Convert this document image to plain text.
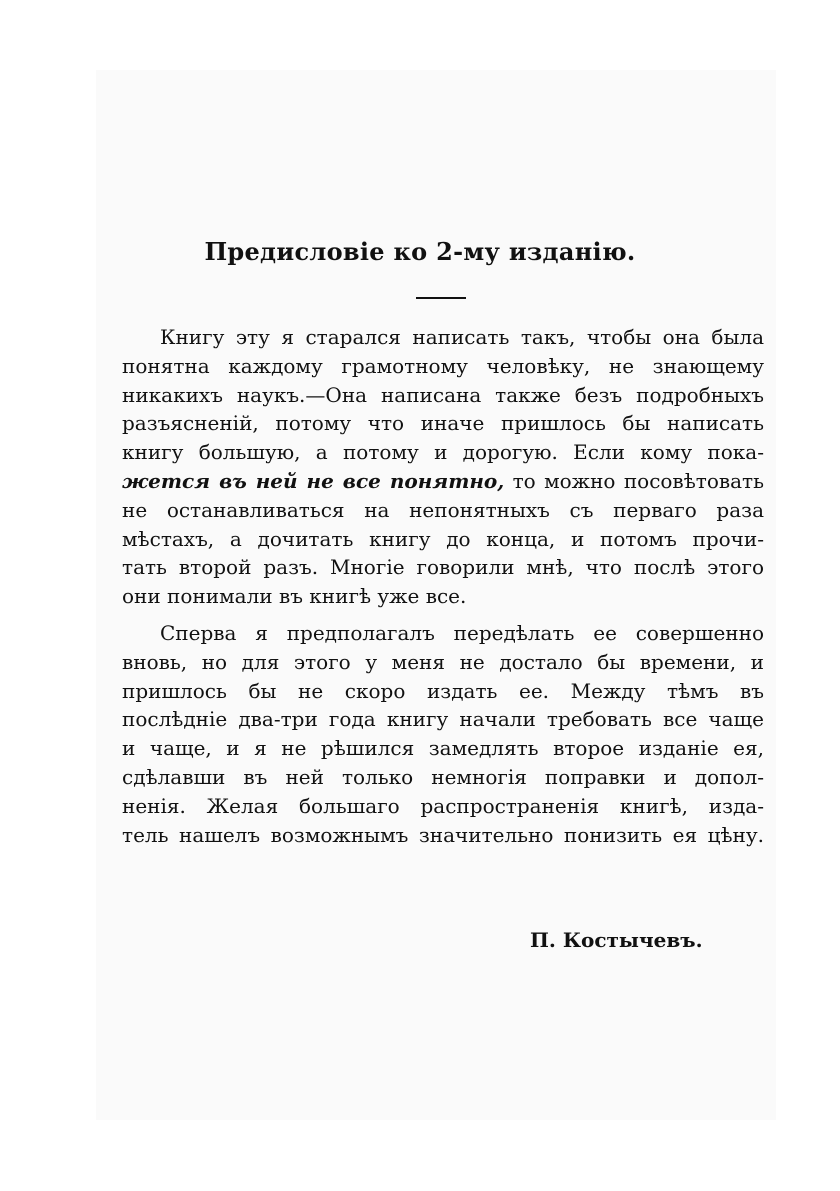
Предисловіе ко 2-му изданію.
Книгу эту я старался написать такъ, чтобы она была
понятна каждому грамотному человѣку, не знающему
никакихъ наукъ.—Она написана также безъ подробныхъ
разъясненій, потому что иначе пришлось бы написать
книгу большую, а потому и дорогую. Если кому пока-
жется въ ней не все понятно, то можно посовѣтовать
не останавливаться на непонятныхъ съ перваго раза
мѣстахъ, а дочитать книгу до конца, и потомъ прочи-
тать второй разъ. Многіе говорили мнѣ, что послѣ этого
они понимали въ книгѣ уже все.
Сперва я предполагалъ передѣлать ее совершенно
вновь, но для этого у меня не достало бы времени, и
пришлось бы не скоро издать ее. Между тѣмъ въ
послѣдніе два-три года книгу начали требовать все чаще
и чаще, и я не рѣшился замедлять второе изданіе ея,
сдѣлавши въ ней только немногія поправки и допол-
ненія. Желая большаго распространенія книгѣ, изда-
тель нашелъ возможнымъ значительно понизить ея цѣну.
П. Костычевъ.
